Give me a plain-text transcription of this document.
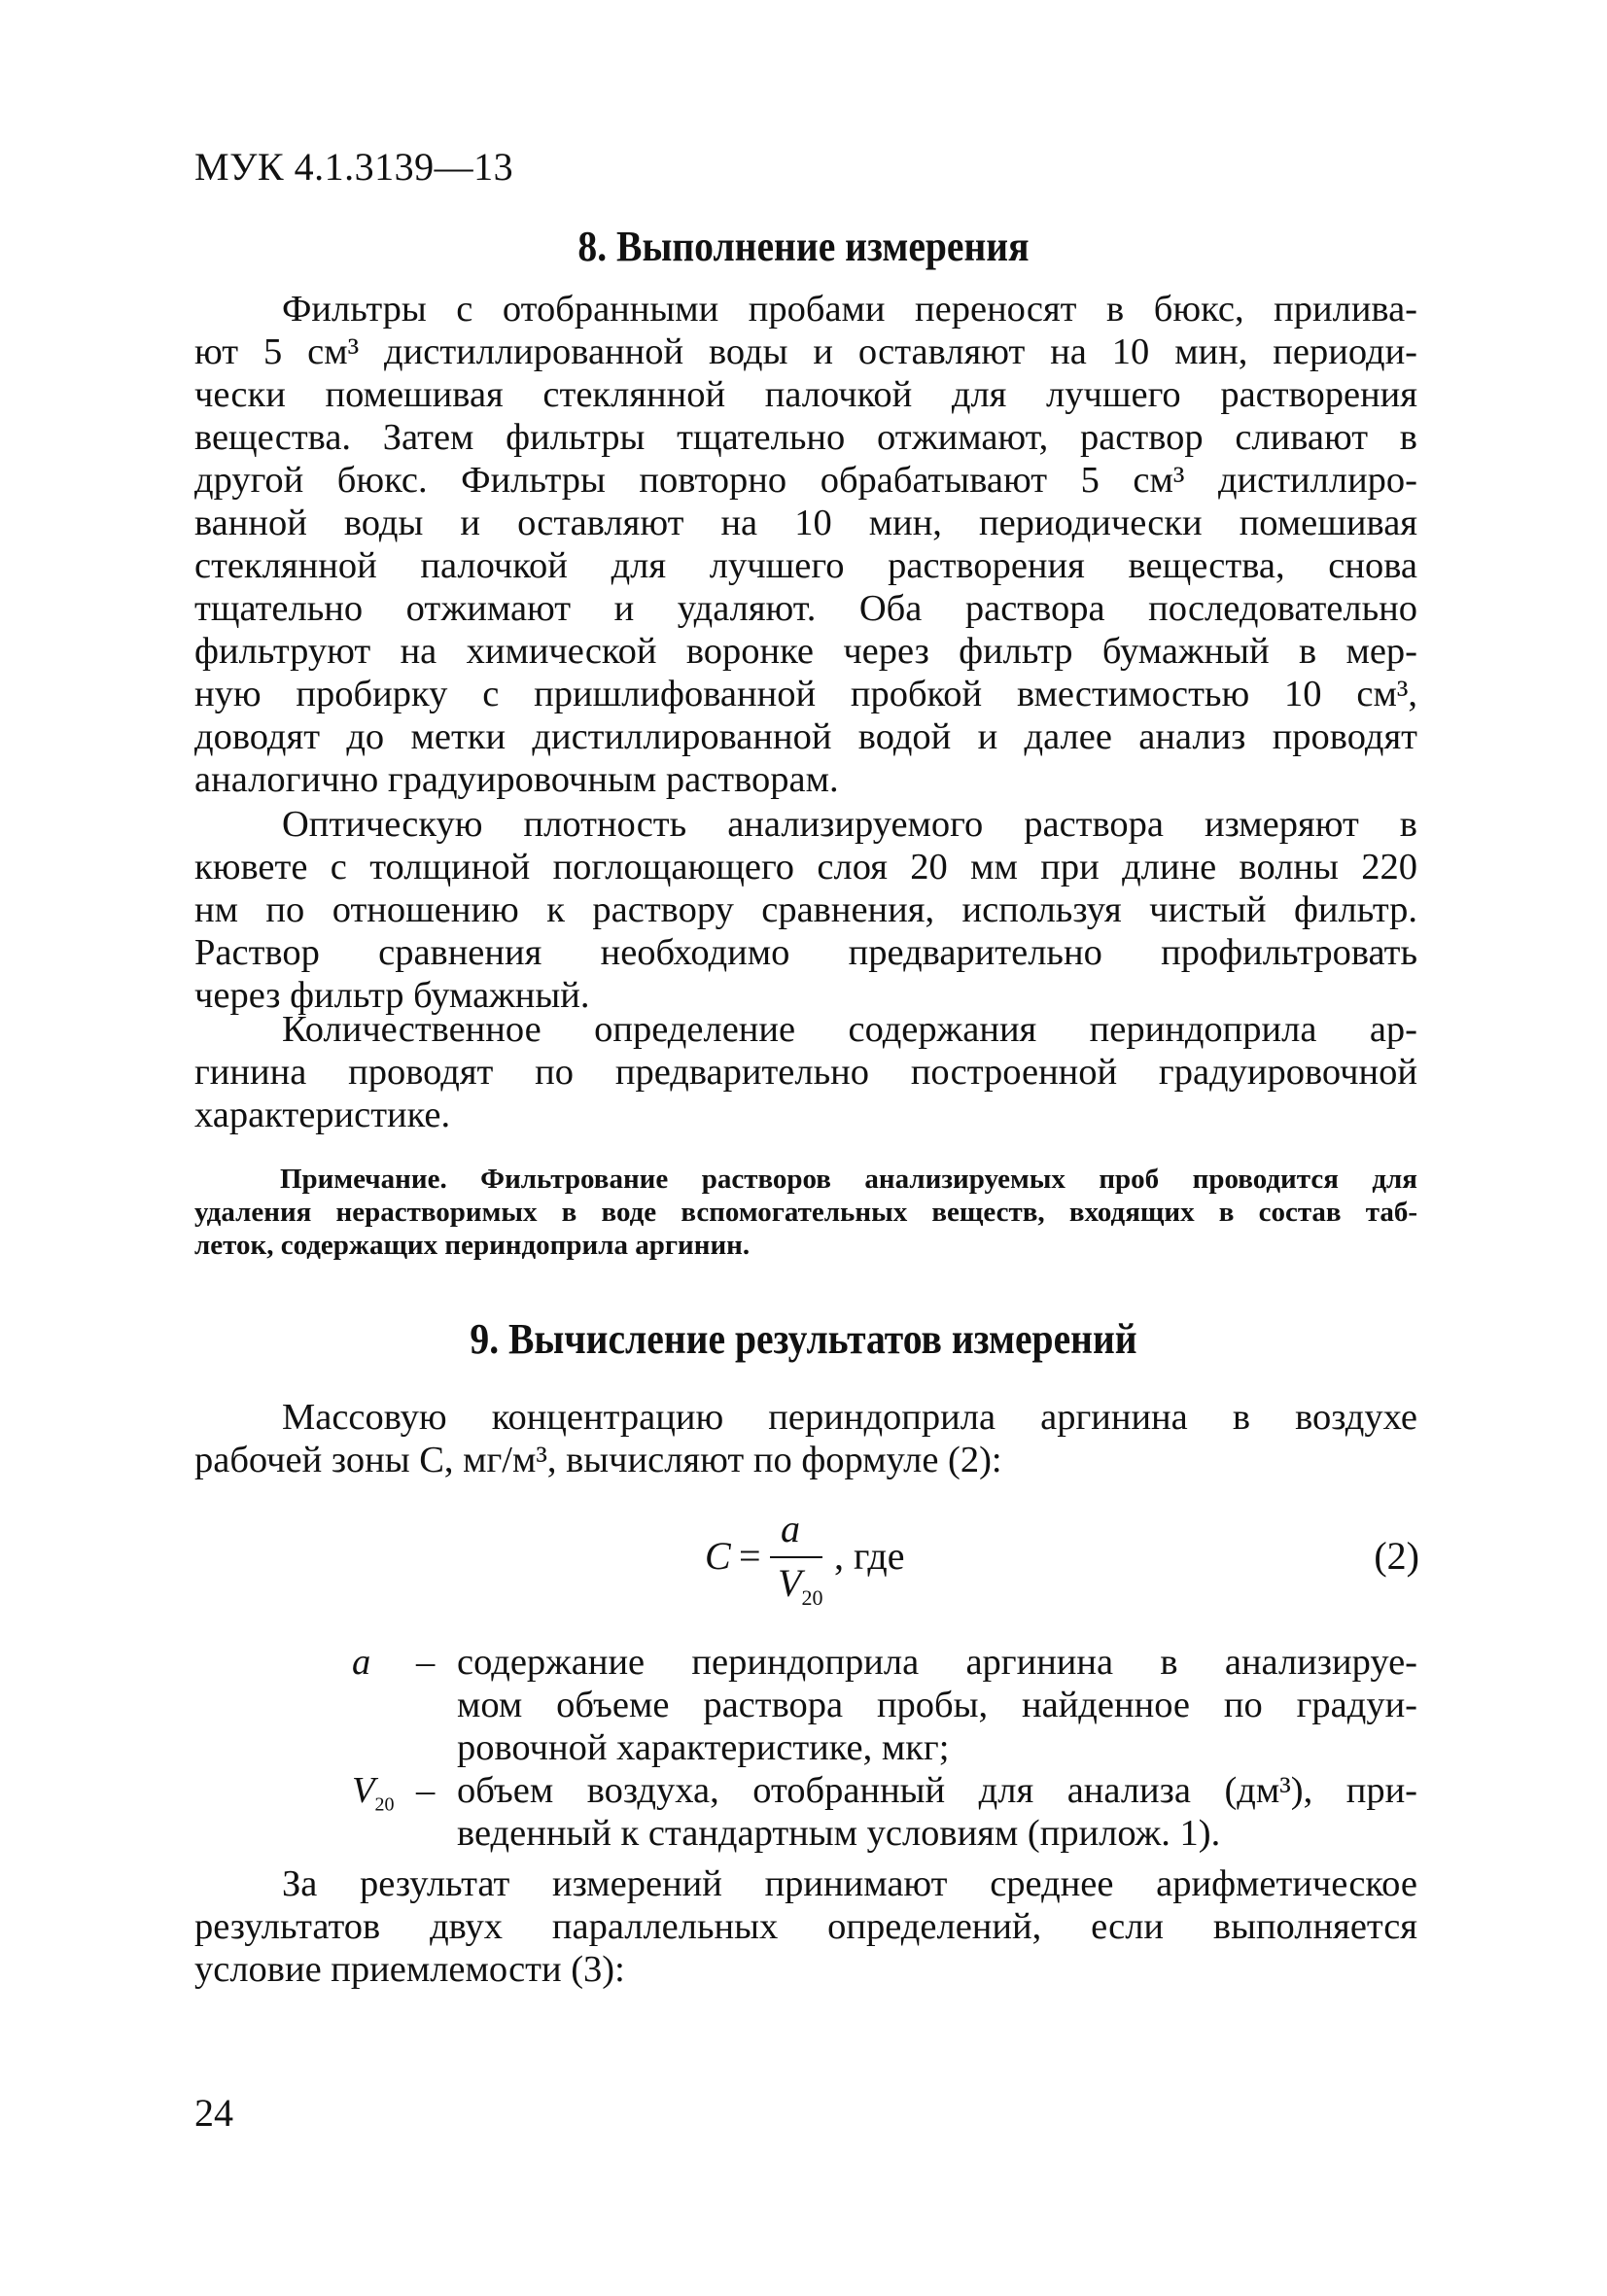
МУК 4.1.3139—13
8. Выполнение измерения
Фильтры с отобранными пробами переносят в бюкс, прилива-
ют 5 см³ дистиллированной воды и оставляют на 10 мин, периоди-
чески помешивая стеклянной палочкой для лучшего растворения
вещества. Затем фильтры тщательно отжимают, раствор сливают в
другой бюкс. Фильтры повторно обрабатывают 5 см³ дистиллиро-
ванной воды и оставляют на 10 мин, периодически помешивая
стеклянной палочкой для лучшего растворения вещества, снова
тщательно отжимают и удаляют. Оба раствора последовательно
фильтруют на химической воронке через фильтр бумажный в мер-
ную пробирку с пришлифованной пробкой вместимостью 10 см³,
доводят до метки дистиллированной водой и далее анализ проводят
аналогично градуировочным растворам.
Оптическую плотность анализируемого раствора измеряют в
кювете с толщиной поглощающего слоя 20 мм при длине волны 220
нм по отношению к раствору сравнения, используя чистый фильтр.
Раствор сравнения необходимо предварительно профильтровать
через фильтр бумажный.
Количественное определение содержания периндоприла ар-
гинина проводят по предварительно построенной градуировочной
характеристике.
Примечание. Фильтрование растворов анализируемых проб проводится для
удаления нерастворимых в воде вспомогательных веществ, входящих в состав таб-
леток, содержащих периндоприла аргинин.
9. Вычисление результатов измерений
Массовую концентрацию периндоприла аргинина в воздухе
рабочей зоны С, мг/м³, вычисляют по формуле (2):
C =
a
$V_{20}$
, где	(2)
a – содержание периндоприла аргинина в анализируе-
мом объеме раствора пробы, найденное по градуи-
ровочной характеристике, мкг;
$V_{20}$ – объем воздуха, отобранный для анализа (дм³), при-
веденный к стандартным условиям (прилож. 1).
За результат измерений принимают среднее арифметическое
результатов двух параллельных определений, если выполняется
условие приемлемости (3):
24
